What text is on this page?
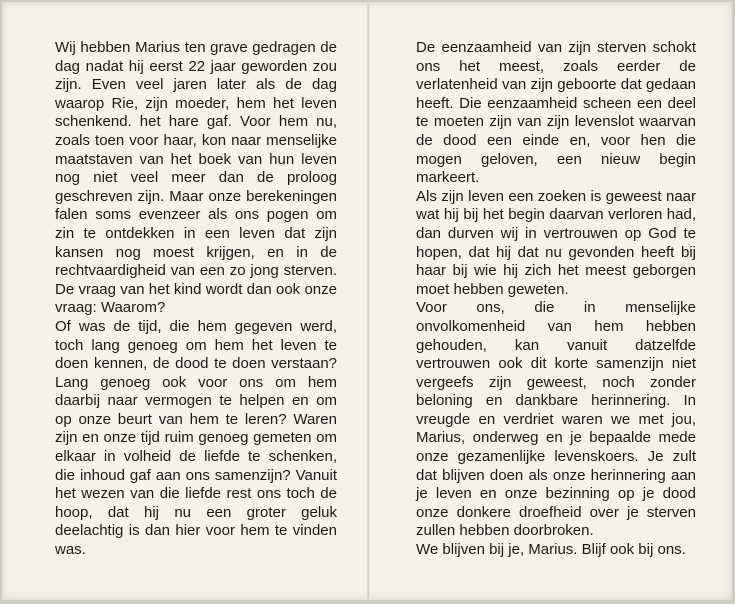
Wij hebben Marius ten grave gedragen de dag nadat hij eerst 22 jaar geworden zou zijn. Even veel jaren later als de dag waarop Rie, zijn moeder, hem het leven schenkend. het hare gaf. Voor hem nu, zoals toen voor haar, kon naar menselijke maatstaven van het boek van hun leven nog niet veel meer dan de proloog geschreven zijn. Maar onze berekeningen falen soms evenzeer als ons pogen om zin te ontdekken in een leven dat zijn kansen nog moest krijgen, en in de rechtvaardigheid van een zo jong sterven. De vraag van het kind wordt dan ook onze vraag: Waarom?

Of was de tijd, die hem gegeven werd, toch lang genoeg om hem het leven te doen kennen, de dood te doen verstaan? Lang genoeg ook voor ons om hem daarbij naar vermogen te helpen en om op onze beurt van hem te leren? Waren zijn en onze tijd ruim genoeg gemeten om elkaar in volheid de liefde te schenken, die inhoud gaf aan ons samenzijn? Vanuit het wezen van die liefde rest ons toch de hoop, dat hij nu een groter geluk deelachtig is dan hier voor hem te vinden was.

De eenzaamheid van zijn sterven schokt ons het meest, zoals eerder de verlatenheid van zijn geboorte dat gedaan heeft. Die eenzaamheid scheen een deel te moeten zijn van zijn levenslot waarvan de dood een einde en, voor hen die mogen geloven, een nieuw begin markeert.

Als zijn leven een zoeken is geweest naar wat hij bij het begin daarvan verloren had, dan durven wij in vertrouwen op God te hopen, dat hij dat nu gevonden heeft bij haar bij wie hij zich het meest geborgen moet hebben geweten.

Voor ons, die in menselijke onvolkomenheid van hem hebben gehouden, kan vanuit datzelfde vertrouwen ook dit korte samenzijn niet vergeefs zijn geweest, noch zonder beloning en dankbare herinnering. In vreugde en verdriet waren we met jou, Marius, onderweg en je bepaalde mede onze gezamenlijke levenskoers. Je zult dat blijven doen als onze herinnering aan je leven en onze bezinning op je dood onze donkere droefheid over je sterven zullen hebben doorbroken.

We blijven bij je, Marius. Blijf ook bij ons.
